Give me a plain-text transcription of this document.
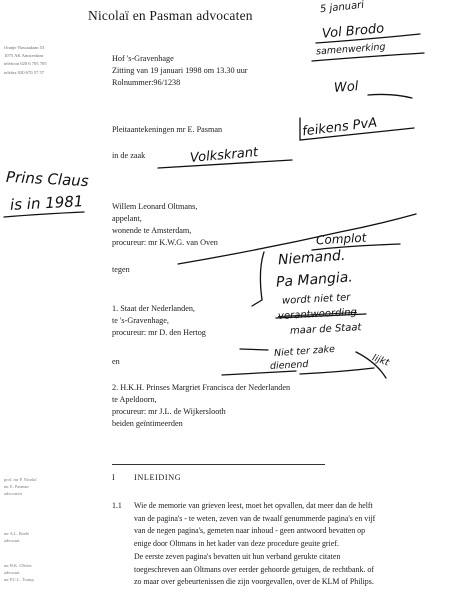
Nicolaï en Pasman advocaten
Oranje Nassaulaan 53
1075 AK Amsterdam
telefoon 020 6 705 705
telefax 020 670 57 57
Hof 's-Gravenhage
Zitting van 19 januari 1998 om 13.30 uur
Rolnummer:96/1238
Pleitaantekeningen mr E. Pasman
in de zaak
Willem Leonard Oltmans,
appelant,
wonende te Amsterdam,
procureur: mr K.W.G. van Oven
tegen
1. Staat der Nederlanden,
te 's-Gravenhage,
procureur: mr D. den Hertog
en
2. H.K.H. Prinses Margriet Francisca der Nederlanden
te Apeldoorn,
procureur: mr J.L. de Wijkerslooth
beiden geïntimeerden
I INLEIDING
1.1 Wie de memorie van grieven leest, moet het opvallen, dat meer dan de helft
van de pagina's - te weten, zeven van de twaalf genummerde pagina's en vijf
van de negen pagina's, gemeten naar inhoud - geen antwoord bevatten op
enige door Oltmans in het kader van deze procedure geuite grief.
De eerste zeven pagina's bevatten uit hun verband gerukte citaten
toegeschreven aan Oltmans over eerder gehoorde getuigen, de rechtbank. of
zo maar over gebeurtenissen die zijn voorgevallen, over de KLM of Philips.
prof. mr P. Nicolaï
mr E. Pasman
advocaten
mr A.L. Boele
advocaat
mr B.K. Olivier
advocaat
mr P.C.L. Tromp
5 januari
Vol Brodo
samenwerking
Wol
feikens PvA
Volkskrant
Prins Claus
is in 1981
Complot
Niemand.
Pa Mangia.
wordt niet ter
verantwoording
maar de Staat
Niet ter zake
dienend	lijkt
